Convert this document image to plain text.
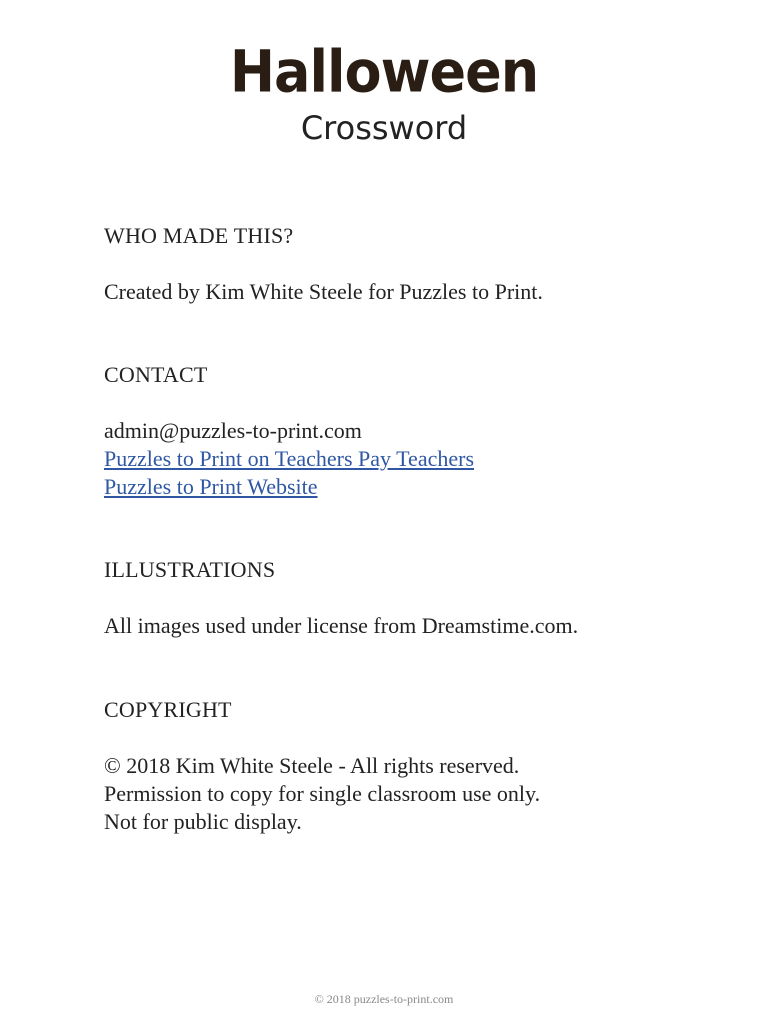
Halloween
Crossword

WHO MADE THIS?

Created by Kim White Steele for Puzzles to Print.

CONTACT

admin@puzzles-to-print.com

Puzzles to Print on Teachers Pay Teachers

Puzzles to Print Website

ILLUSTRATIONS

All images used under license from Dreamstime.com.

COPYRIGHT

© 2018 Kim White Steele - All rights reserved.

Permission to copy for single classroom use only.

Not for public display.

© 2018 puzzles-to-print.com
